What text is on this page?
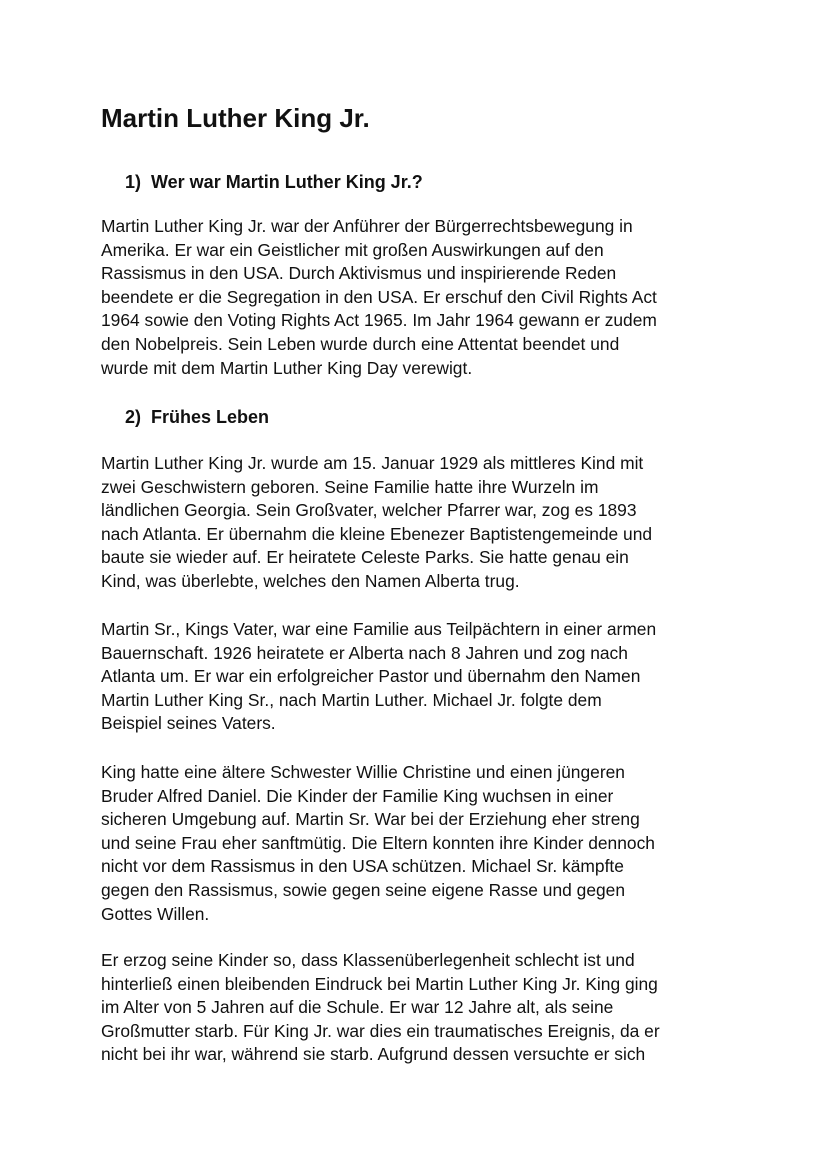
Martin Luther King Jr.
1) Wer war Martin Luther King Jr.?

Martin Luther King Jr. war der Anführer der Bürgerrechtsbewegung in
Amerika. Er war ein Geistlicher mit großen Auswirkungen auf den
Rassismus in den USA. Durch Aktivismus und inspirierende Reden
beendete er die Segregation in den USA. Er erschuf den Civil Rights Act
1964 sowie den Voting Rights Act 1965. Im Jahr 1964 gewann er zudem
den Nobelpreis. Sein Leben wurde durch eine Attentat beendet und
wurde mit dem Martin Luther King Day verewigt.

2) Frühes Leben

Martin Luther King Jr. wurde am 15. Januar 1929 als mittleres Kind mit
zwei Geschwistern geboren. Seine Familie hatte ihre Wurzeln im
ländlichen Georgia. Sein Großvater, welcher Pfarrer war, zog es 1893
nach Atlanta. Er übernahm die kleine Ebenezer Baptistengemeinde und
baute sie wieder auf. Er heiratete Celeste Parks. Sie hatte genau ein
Kind, was überlebte, welches den Namen Alberta trug.

Martin Sr., Kings Vater, war eine Familie aus Teilpächtern in einer armen
Bauernschaft. 1926 heiratete er Alberta nach 8 Jahren und zog nach
Atlanta um. Er war ein erfolgreicher Pastor und übernahm den Namen
Martin Luther King Sr., nach Martin Luther. Michael Jr. folgte dem
Beispiel seines Vaters.

King hatte eine ältere Schwester Willie Christine und einen jüngeren
Bruder Alfred Daniel. Die Kinder der Familie King wuchsen in einer
sicheren Umgebung auf. Martin Sr. War bei der Erziehung eher streng
und seine Frau eher sanftmütig. Die Eltern konnten ihre Kinder dennoch
nicht vor dem Rassismus in den USA schützen. Michael Sr. kämpfte
gegen den Rassismus, sowie gegen seine eigene Rasse und gegen
Gottes Willen.

Er erzog seine Kinder so, dass Klassenüberlegenheit schlecht ist und
hinterließ einen bleibenden Eindruck bei Martin Luther King Jr. King ging
im Alter von 5 Jahren auf die Schule. Er war 12 Jahre alt, als seine
Großmutter starb. Für King Jr. war dies ein traumatisches Ereignis, da er
nicht bei ihr war, während sie starb. Aufgrund dessen versuchte er sich
